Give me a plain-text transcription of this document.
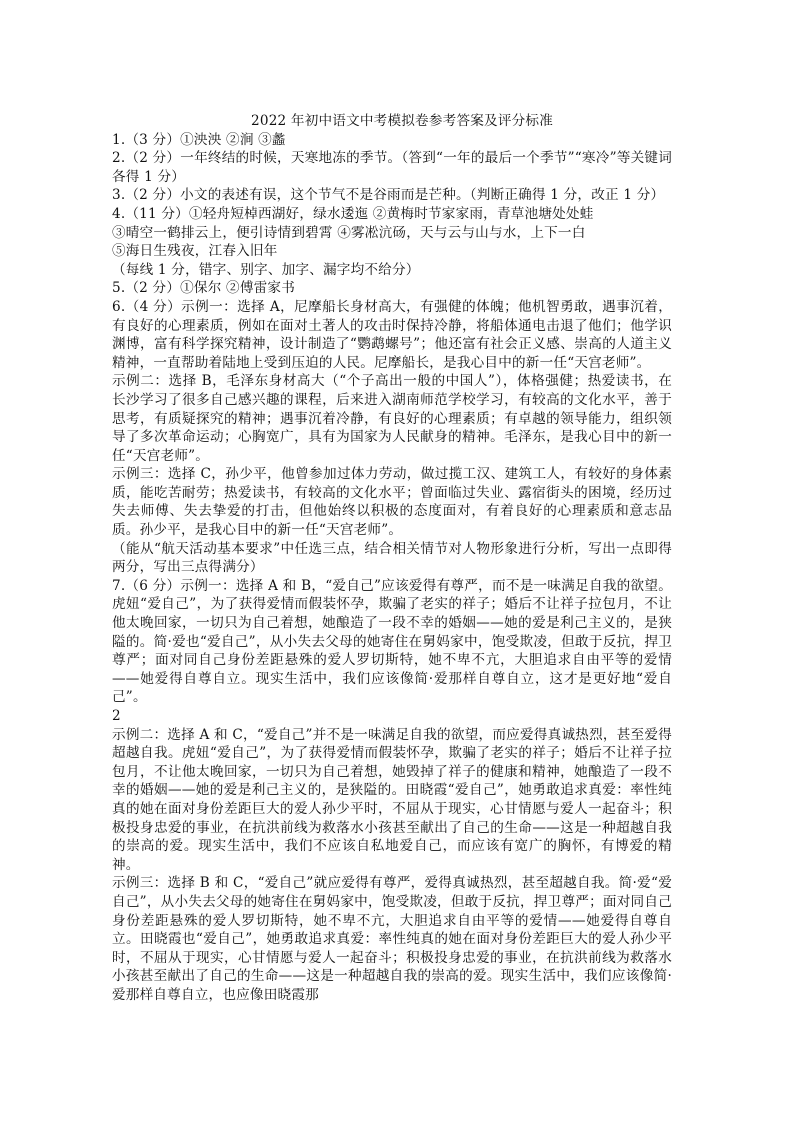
2022 年初中语文中考模拟卷参考答案及评分标准

1.（3 分）①泱泱 ②涧 ③蠡

2.（2 分）一年终结的时候，天寒地冻的季节。（答到“一年的最后一个季节”“寒冷”等关键词各得 1 分）

3.（2 分）小文的表述有误，这个节气不是谷雨而是芒种。（判断正确得 1 分，改正 1 分）

4.（11 分）①轻舟短棹西湖好，绿水逶迤 ②黄梅时节家家雨，青草池塘处处蛙

③晴空一鹤排云上，便引诗情到碧霄 ④雾凇沆砀，天与云与山与水，上下一白

⑤海日生残夜，江春入旧年

（每线 1 分，错字、别字、加字、漏字均不给分）

5.（2 分）①保尔 ②傅雷家书

6.（4 分）示例一：选择 A，尼摩船长身材高大，有强健的体魄；他机智勇敢，遇事沉着，有良好的心理素质，例如在面对土著人的攻击时保持冷静，将船体通电击退了他们；他学识渊博，富有科学探究精神，设计制造了“鹦鹉螺号”；他还富有社会正义感、崇高的人道主义精神，一直帮助着陆地上受到压迫的人民。尼摩船长，是我心目中的新一任“天宫老师”。

示例二：选择 B，毛泽东身材高大（“个子高出一般的中国人”），体格强健；热爱读书，在长沙学习了很多自己感兴趣的课程，后来进入湖南师范学校学习，有较高的文化水平，善于思考，有质疑探究的精神；遇事沉着冷静，有良好的心理素质；有卓越的领导能力，组织领导了多次革命运动；心胸宽广，具有为国家为人民献身的精神。毛泽东，是我心目中的新一任“天宫老师”。

示例三：选择 C，孙少平，他曾参加过体力劳动，做过揽工汉、建筑工人，有较好的身体素质，能吃苦耐劳；热爱读书，有较高的文化水平；曾面临过失业、露宿街头的困境，经历过失去师傅、失去挚爱的打击，但他始终以积极的态度面对，有着良好的心理素质和意志品质。孙少平，是我心目中的新一任“天宫老师”。

（能从“航天活动基本要求”中任选三点，结合相关情节对人物形象进行分析，写出一点即得两分，写出三点得满分）

7.（6 分）示例一：选择 A 和 B，“爱自己”应该爱得有尊严，而不是一味满足自我的欲望。虎妞“爱自己”，为了获得爱情而假装怀孕，欺骗了老实的祥子；婚后不让祥子拉包月，不让他太晚回家，一切只为自己着想，她酿造了一段不幸的婚姻——她的爱是利己主义的，是狭隘的。简·爱也“爱自己”，从小失去父母的她寄住在舅妈家中，饱受欺凌，但敢于反抗，捍卫尊严；面对同自己身份差距悬殊的爱人罗切斯特，她不卑不亢，大胆追求自由平等的爱情——她爱得自尊自立。现实生活中，我们应该像简·爱那样自尊自立，这才是更好地“爱自己”。

2

示例二：选择 A 和 C，“爱自己”并不是一味满足自我的欲望，而应爱得真诚热烈，甚至爱得超越自我。虎妞“爱自己”，为了获得爱情而假装怀孕，欺骗了老实的祥子；婚后不让祥子拉包月，不让他太晚回家，一切只为自己着想，她毁掉了祥子的健康和精神，她酿造了一段不幸的婚姻——她的爱是利己主义的，是狭隘的。田晓霞“爱自己”，她勇敢追求真爱：率性纯真的她在面对身份差距巨大的爱人孙少平时，不屈从于现实，心甘情愿与爱人一起奋斗；积极投身忠爱的事业，在抗洪前线为救落水小孩甚至献出了自己的生命——这是一种超越自我的崇高的爱。现实生活中，我们不应该自私地爱自己，而应该有宽广的胸怀，有博爱的精神。

示例三：选择 B 和 C，“爱自己”就应爱得有尊严，爱得真诚热烈，甚至超越自我。简·爱“爱自己”，从小失去父母的她寄住在舅妈家中，饱受欺凌，但敢于反抗，捍卫尊严；面对同自己身份差距悬殊的爱人罗切斯特，她不卑不亢，大胆追求自由平等的爱情——她爱得自尊自立。田晓霞也“爱自己”，她勇敢追求真爱：率性纯真的她在面对身份差距巨大的爱人孙少平时，不屈从于现实，心甘情愿与爱人一起奋斗；积极投身忠爱的事业，在抗洪前线为救落水小孩甚至献出了自己的生命——这是一种超越自我的崇高的爱。现实生活中，我们应该像简·爱那样自尊自立，也应像田晓霞那
